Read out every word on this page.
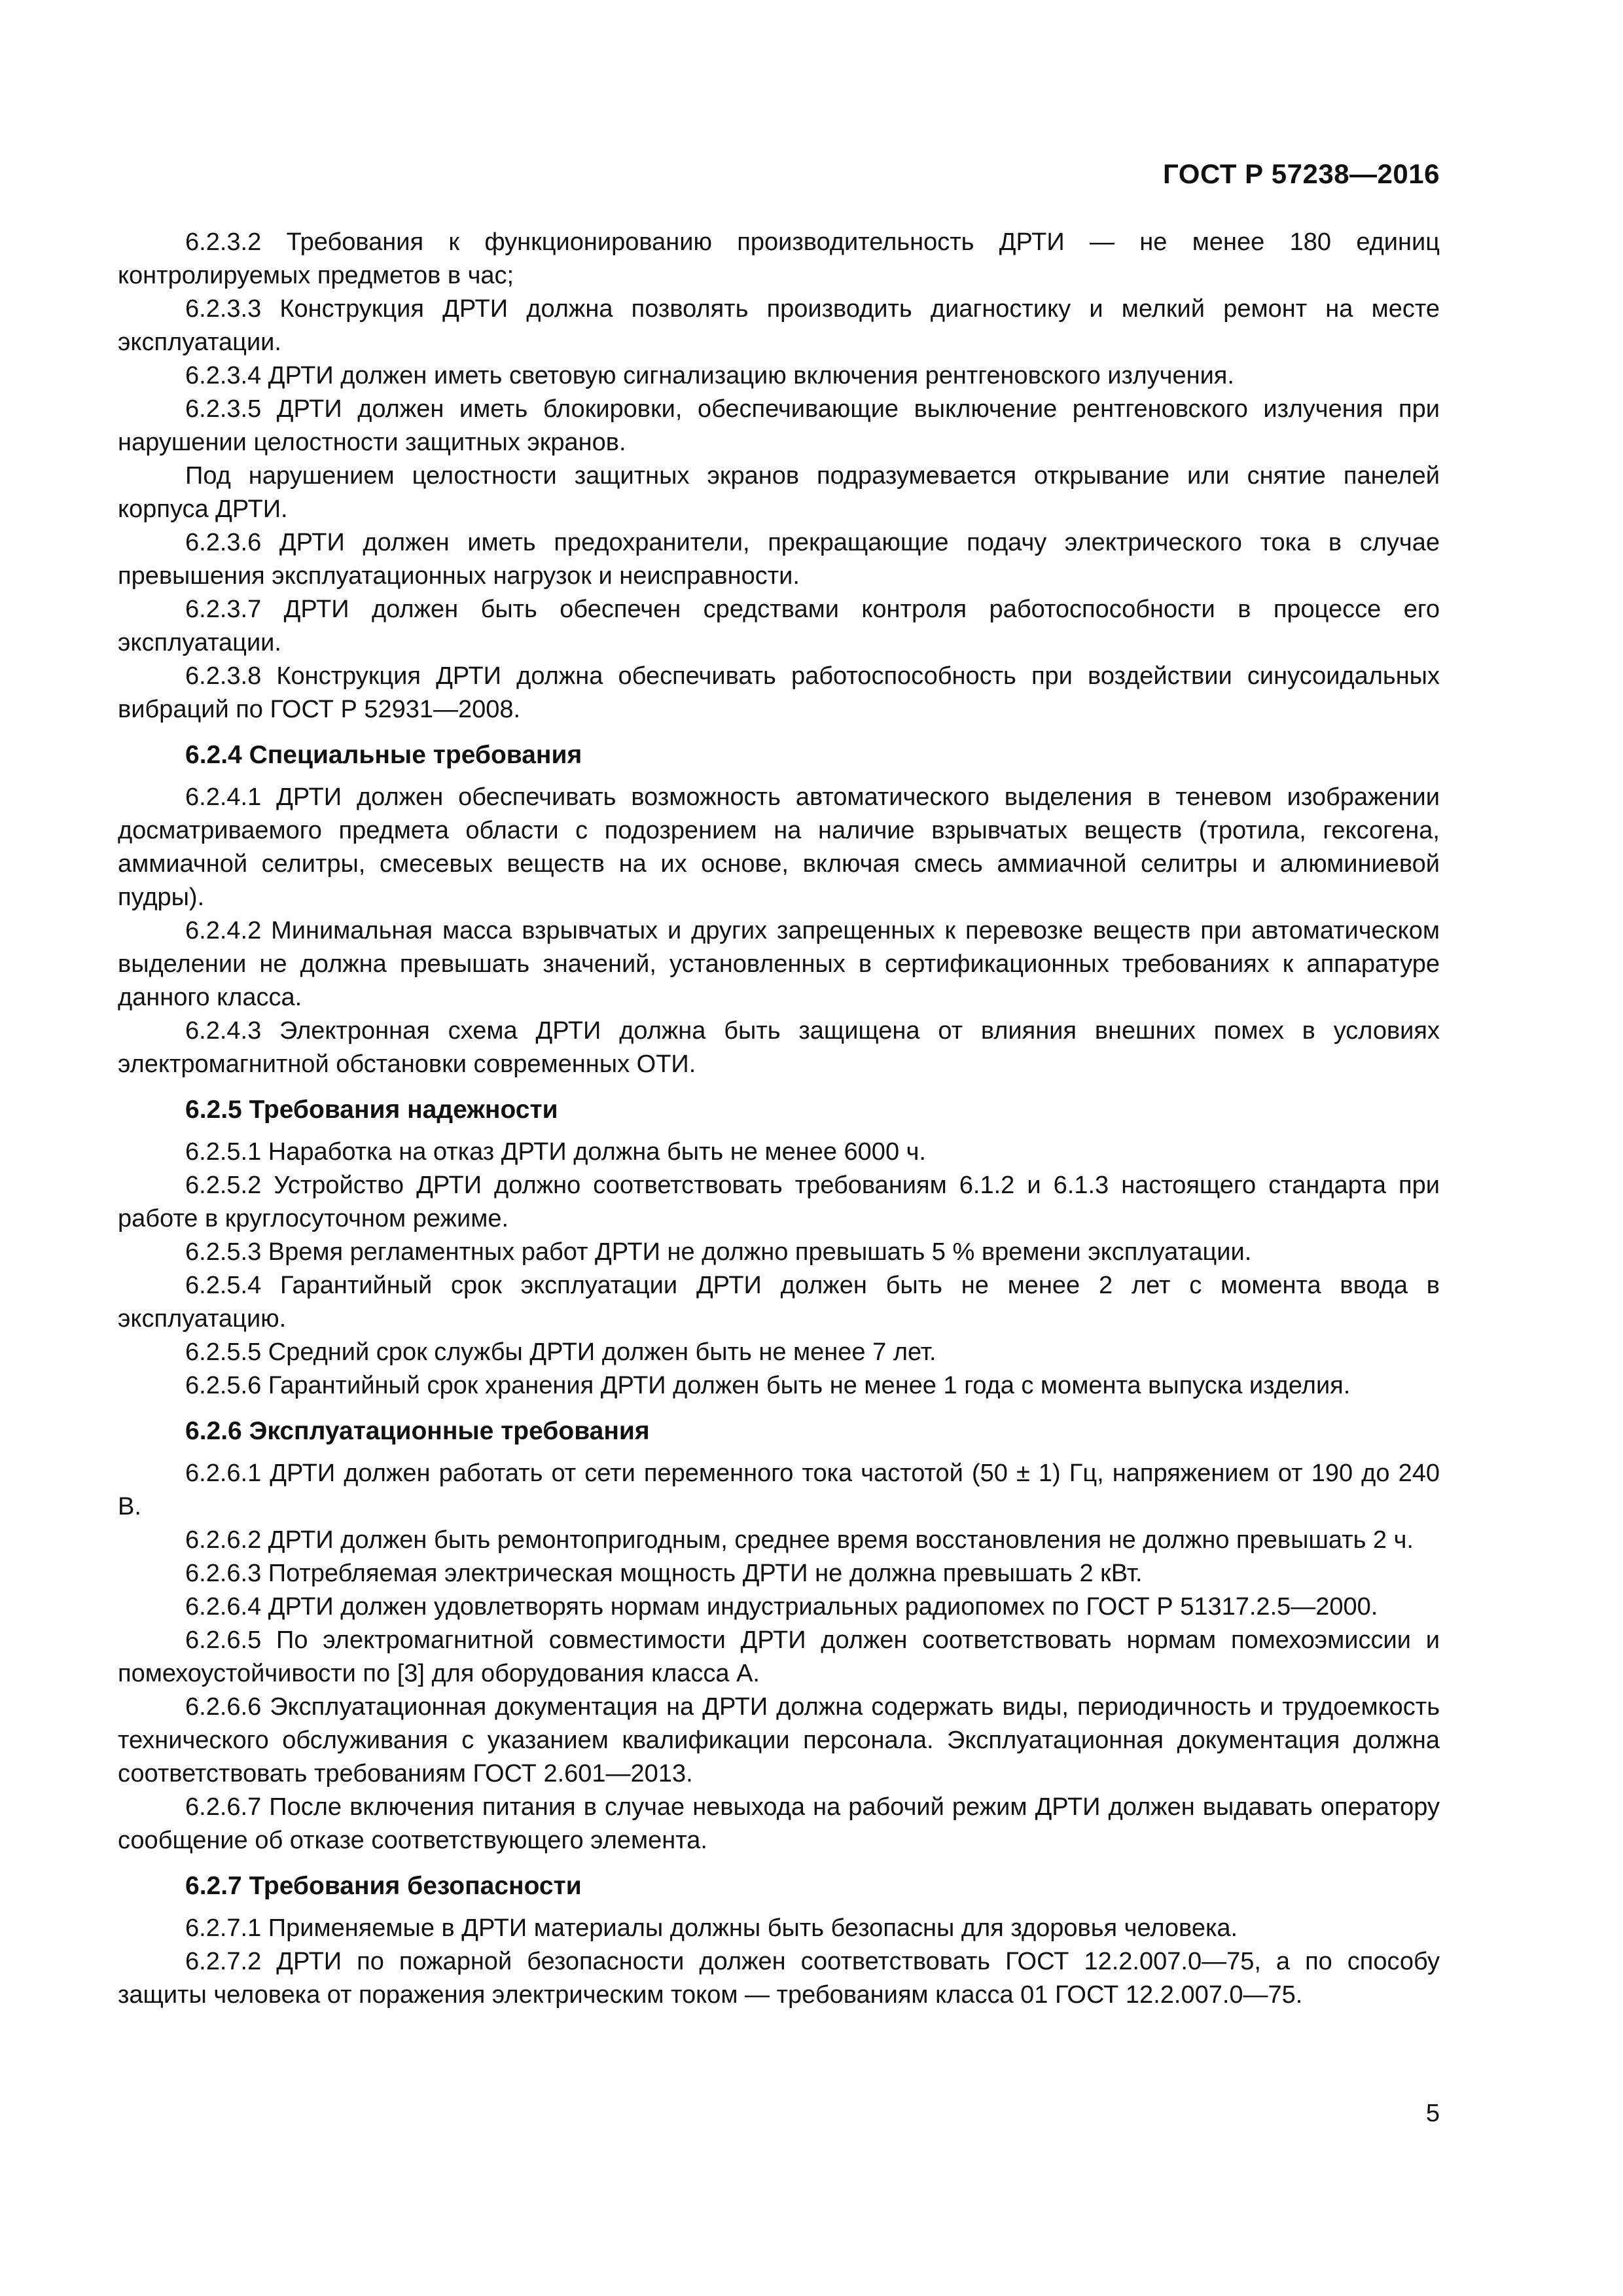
ГОСТ Р 57238—2016

6.2.3.2 Требования к функционированию производительность ДРТИ — не менее 180 единиц контролируемых предметов в час;

6.2.3.3 Конструкция ДРТИ должна позволять производить диагностику и мелкий ремонт на месте эксплуатации.

6.2.3.4 ДРТИ должен иметь световую сигнализацию включения рентгеновского излучения.

6.2.3.5 ДРТИ должен иметь блокировки, обеспечивающие выключение рентгеновского излучения при нарушении целостности защитных экранов.

Под нарушением целостности защитных экранов подразумевается открывание или снятие панелей корпуса ДРТИ.

6.2.3.6 ДРТИ должен иметь предохранители, прекращающие подачу электрического тока в случае превышения эксплуатационных нагрузок и неисправности.

6.2.3.7 ДРТИ должен быть обеспечен средствами контроля работоспособности в процессе его эксплуатации.

6.2.3.8 Конструкция ДРТИ должна обеспечивать работоспособность при воздействии синусоидальных вибраций по ГОСТ Р 52931—2008.

6.2.4 Специальные требования

6.2.4.1 ДРТИ должен обеспечивать возможность автоматического выделения в теневом изображении досматриваемого предмета области с подозрением на наличие взрывчатых веществ (тротила, гексогена, аммиачной селитры, смесевых веществ на их основе, включая смесь аммиачной селитры и алюминиевой пудры).

6.2.4.2 Минимальная масса взрывчатых и других запрещенных к перевозке веществ при автоматическом выделении не должна превышать значений, установленных в сертификационных требованиях к аппаратуре данного класса.

6.2.4.3 Электронная схема ДРТИ должна быть защищена от влияния внешних помех в условиях электромагнитной обстановки современных ОТИ.

6.2.5 Требования надежности

6.2.5.1 Наработка на отказ ДРТИ должна быть не менее 6000 ч.

6.2.5.2 Устройство ДРТИ должно соответствовать требованиям 6.1.2 и 6.1.3 настоящего стандарта при работе в круглосуточном режиме.

6.2.5.3 Время регламентных работ ДРТИ не должно превышать 5 % времени эксплуатации.

6.2.5.4 Гарантийный срок эксплуатации ДРТИ должен быть не менее 2 лет с момента ввода в эксплуатацию.

6.2.5.5 Средний срок службы ДРТИ должен быть не менее 7 лет.

6.2.5.6 Гарантийный срок хранения ДРТИ должен быть не менее 1 года с момента выпуска изделия.

6.2.6 Эксплуатационные требования

6.2.6.1 ДРТИ должен работать от сети переменного тока частотой (50 ± 1) Гц, напряжением от 190 до 240 В.

6.2.6.2 ДРТИ должен быть ремонтопригодным, среднее время восстановления не должно превышать 2 ч.

6.2.6.3 Потребляемая электрическая мощность ДРТИ не должна превышать 2 кВт.

6.2.6.4 ДРТИ должен удовлетворять нормам индустриальных радиопомех по ГОСТ Р 51317.2.5—2000.

6.2.6.5 По электромагнитной совместимости ДРТИ должен соответствовать нормам помехоэмиссии и помехоустойчивости по [3] для оборудования класса А.

6.2.6.6 Эксплуатационная документация на ДРТИ должна содержать виды, периодичность и трудоемкость технического обслуживания с указанием квалификации персонала. Эксплуатационная документация должна соответствовать требованиям ГОСТ 2.601—2013.

6.2.6.7 После включения питания в случае невыхода на рабочий режим ДРТИ должен выдавать оператору сообщение об отказе соответствующего элемента.

6.2.7 Требования безопасности

6.2.7.1 Применяемые в ДРТИ материалы должны быть безопасны для здоровья человека.

6.2.7.2 ДРТИ по пожарной безопасности должен соответствовать ГОСТ 12.2.007.0—75, а по способу защиты человека от поражения электрическим током — требованиям класса 01 ГОСТ 12.2.007.0—75.

5
